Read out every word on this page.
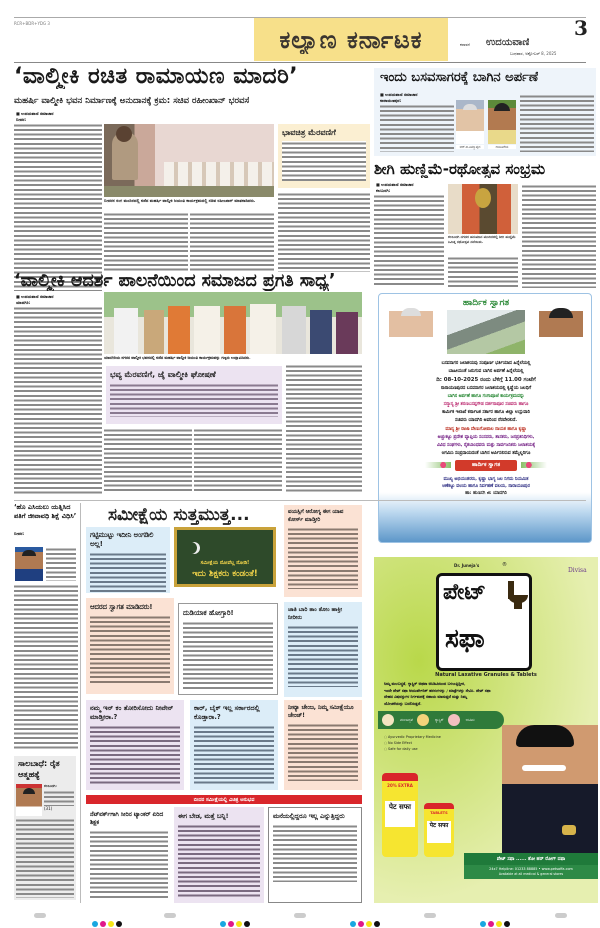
RCR+BDR+YDG 3
ಕಲ್ಯಾಣ ಕರ್ನಾಟಕ	3
ಕರಾವಳಿ ಉದಯವಾಣಿ
ಬುಧವಾರ, ಅಕ್ಟೋಬರ್ 8, 2025
‘ವಾಲ್ಮೀಕಿ ರಚಿತ ರಾಮಾಯಣ ಮಾದರಿ’
ಮಹರ್ಷಿ ವಾಲ್ಮೀಕಿ ಭವನ ನಿರ್ಮಾಣಕ್ಕೆ ಅನುದಾನಕ್ಕೆ ಕ್ರಮ: ಸಚಿವ ರಹೀಂಖಾನ್ ಭರವಸೆ
■ ಉದಯವಾಣಿ ಸಮಾಚಾರ
ಬೀದರ:
ಬೀದರನ ರಂಗ ಮಂದಿರದಲ್ಲಿ ನಡೆದ ಮಹರ್ಷಿ ವಾಲ್ಮೀಕಿ ಜಯಂತಿ ಕಾರ್ಯಕ್ರಮದಲ್ಲಿ ಸಚಿವ ರಹೀಂಖಾನ್ ಮಾತನಾಡಿದರು.
ಭಾವಚಿತ್ರ ಮೆರವಣಿಗೆ
‘ವಾಲ್ಮೀಕಿ ಆದರ್ಶ ಪಾಲನೆಯಿಂದ ಸಮಾಜದ ಪ್ರಗತಿ ಸಾಧ್ಯ’
■ ಉದಯವಾಣಿ ಸಮಾಚಾರ
ಯಾದಗಿರಿ:
ಯಾದಗಿರಿಯ ನಗರದ ವಾಲ್ಮೀಕಿ ಭವನದಲ್ಲಿ ನಡೆದ ಮಹರ್ಷಿ ವಾಲ್ಮೀಕಿ ಜಯಂತಿ ಕಾರ್ಯಕ್ರಮವನ್ನು ಗಣ್ಯರು ಉದ್ಘಾಟಿಸಿದರು.
ಭವ್ಯ ಮೆರವಣಿಗೆ, ಜೈ ವಾಲ್ಮೀಕಿ ಘೋಷಣೆ
ಇಂದು ಬಸವಸಾಗರಕ್ಕೆ ಬಾಗಿನ ಅರ್ಪಣೆ
■ ಉದಯವಾಣಿ ಸಮಾಚಾರ
ನಾರಾಯಣಪುರ:
ಆರ್.ಬಿ.ತಿಮ್ಮಾಪುರ	ರಾಜೂಗೌಡ
ಶೀಗಿ ಹುಣ್ಣಿಮೆ-ರಥೋತ್ಸವ ಸಂಭ್ರಮ
■ ಉದಯವಾಣಿ ಸಮಾಚಾರ
ಕಲಬುರಗಿ:
ಕಲಬುರಗಿ ನಗರದ ಹನುಮಾನ ಮಂದಿರದಲ್ಲಿ ಶೀಗಿ ಹುಣ್ಣಿಮೆ ನಿಮಿತ್ತ ರಥೋತ್ಸವ ನಡೆಯಿತು.
ಹಾರ್ದಿಕ ಸ್ವಾಗತ
ಬಸವಸಾಗರ ಜಲಾಶಯವು ಸಂಪೂರ್ಣ ಭರ್ತಿಯಾದ ಹಿನ್ನೆಲೆಯಲ್ಲಿ
ಬಾಹೀಯಂತೆ ಜರುಗುವ ಬಾಗಿನ ಅರ್ಪಣೆ ಹಿನ್ನೆಲೆಯಲ್ಲಿ
ದಿ: 08-10-2025 ರಂದು ಬೆಳಿಗ್ಗೆ 11.00 ಗಂಟೆಗೆ
ನಾರಾಯಣಪುರದ ಬಸವಸಾಗರ ಜಲಾಶಯದಲ್ಲಿ ಕೃಷ್ಣೆಯ ಜಲಧಿಗೆ
ಬಾಗಿನ ಅರ್ಪಣೆ ಹಾಗೂ ಗಂಗಾಪೂಜೆ ಕಾರ್ಯಕ್ರಮವನ್ನು
ಸನ್ಮಾನ್ಯ ಶ್ರೀ ಶರಣಬಸಪ್ಪಗೌಡ ದರ್ಶನಾಪೂರ ಸಚಿವರು ಹಾಗೂ
ಕಾರ್ಮಿಕ ಇಲಾಖೆ ಕರ್ನಾಟಕ ಸರ್ಕಾರ ಹಾಗೂ ಜಿಲ್ಲಾ ಉಸ್ತುವಾರಿ
ಸಚಿವರು ಯಾದಗಿರಿ ಅವರಿಂದ ನೆರವೇರಲಿದೆ.
ಮಾನ್ಯ ಶ್ರೀ ರಾಜಾ ವೇಣುಗೋಪಾಲ ನಾಯಕ ಹಾಗೂ ಕೃಷ್ಣಾ
ಅಚ್ಚುಕಟ್ಟು ಪ್ರದೇಶ ವ್ಯಾಪ್ತಿಯ ಸಂಸದರು, ಶಾಸಕರು, ಜನಪ್ರತಿನಿಧಿಗಳು,
ವಿವಿಧ ಸಂಘಗಳು, ರೈತಬಾಂಧವರು ಮತ್ತು ಸಾರ್ವಜನಿಕರು ಜಲಾಶಯಕ್ಕೆ
ಆಗಮಿಸಿ ಸಂಪ್ರದಾಯದಂತೆ ಬಾಗಿನ ಅರ್ಪಿಸಲಿರುವ ತಮ್ಮೆಲ್ಲರಿಗೂ
ಹಾರ್ದಿಕ ಸ್ವಾಗತ
ಮುಖ್ಯ ಅಭಿಯಂತರರು, ಕೃಷ್ಣಾ ಭಾಗ್ಯ ಜಲ ನಿಗಮ ನಿಯಮಿತ
ಆಣೆಕಟ್ಟು ವಲಯ ಹಾಗೂ ನಿರ್ವಹಣೆ ವಲಯ, ನಾರಾಯಣಪುರ
ಹಾ: ಹುಣಸಗಿ ಜಿ: ಯಾದಗಿರಿ
‘ಹೊ ಎಸಿಯಲು ಯತ್ನಿಸಿದ ಪತಿಗೆ ಜೀವಾವಧಿ ಶಿಕ್ಷೆ ವಿಧಿಸಿ’
ಬೀದರ:
ಸಾಲಬಾಧೆ: ರೈತ ಆತ್ಮಹತ್ಯೆ
ಕಲಬುರಗಿ:
(31)
ಸಮೀಕ್ಷೆಯ ಸುತ್ತಮುತ್ತ...
ಗಟ್ಟಿಮುಟ್ಟು ಇದೀನಿ ಅಂಗಡಿಲಿ ಅಲ್ಲ!
ಸಮೀಕ್ಷೆಯ ನೋವೆಲ್ಲ ನೋಡಿ!
ಇದು ಶಿಕ್ಷಕರು ಕಂಡಂತೆ!
ವಯಸ್ಸಿಗೆ ಆರೋಗ್ಯ ಈಗ ಯಾವ ಕೋರ್ಸ್ ಮಾಡ್ತೀರಿ
ಆದರದ ಸ್ವಾಗತ ಮಾಡಿದರು!
ದುಡಿಯಾಕ ಹೋಗ್ತಾರಿ!	ಜಾತಿ ಬಾರಿ ತಾಂ ತೋಂ ಹಾಕ್ತೀ ನೀರೀರು
ನಮ್ಮ ಇನ್ ಕಂ ತೋರಿಸೋದು ನೀವೇನ್ ಮಾಡ್ತೀರಾ.?
ಕಾರ್, ಬೈಕ್ ಇಲ್ಲ ಸರ್ಕಾರದಲ್ಲಿ ಕೊಡ್ತಾರಾ.?
ನೀವ್ಯಾ ಚೇಂಜ, ನಿಮ್ಮ ಸಮೀಕ್ಷೆಯೂ ಚೇಂಜ್!
ಬೀದರ ಸಮೀಕ್ಷೆಯಲ್ಲಿ ವಿಚಿತ್ರ ಅನುಭವ
ನೆಟ್‌ವರ್ಕ್‌ಗಾಗಿ ಸೀರಿನ ಟ್ಯಾಂಕರ್ ಏರಿದ ಶಿಕ್ಷಕ
ಈಗ ಬೇಡ, ಮತ್ತೆ ಬನ್ನಿ!	ಮನೆಯಲ್ಲಿದ್ದರೂ ಇಲ್ಲ ಎನ್ನುತ್ತಿದ್ದರು
Dr. Juneja's	®
Divisa
ಪೇಟ್
ಸಫಾ
Natural Laxative Granules & Tablets
ನಿಮ್ಮ ಮಲಬದ್ಧತೆ, ಗ್ಯಾಸ್ಟ್ರಿಕ್ ಅಥವಾ ಅಸಿಡಿಟಿಯಿಂದ ಬಳಲುತ್ತಿದ್ದೀರ,
ಇಂದೇ ಪೇಟ್ ಸಫಾ ಆಯುರ್ವೇದಿಕ್ ಹರಳುಗಳನ್ನು / ಮಾತ್ರೆಗಳನ್ನು ಸೇವಿಸಿ. ಪೇಟ್ ಸಫಾ
ದೇಹದ ವಿಷವಸ್ತುಗಳ ನಿರ್ಗಮನಕ್ಕೆ ಸಹಾಯ ಮಾಡುತ್ತದೆ ಮತ್ತು ನಿಮ್ಮ
ಯೋಚನೆಯನ್ನು ಬದಲಿಸುತ್ತದೆ.
ಮಲಬದ್ಧತೆ	ಗ್ಯಾಸ್ಟ್ರಿಕ್	ಅಸಿಡಿಟಿ
◌ Ayurvedic Proprietary Medicine
◌ No Side Effect
◌ Safe for daily use
20% EXTRA
पेट सफा
TABLETS
पेट सफा
ಪೇಟ್ ಸಫಾ ...... ತೋ ಹರ್ ರೋಗ್ ದಫಾ
24x7 Helpline: 01233 88885 • www.petsaffa.com
Available at all medical & general stores
